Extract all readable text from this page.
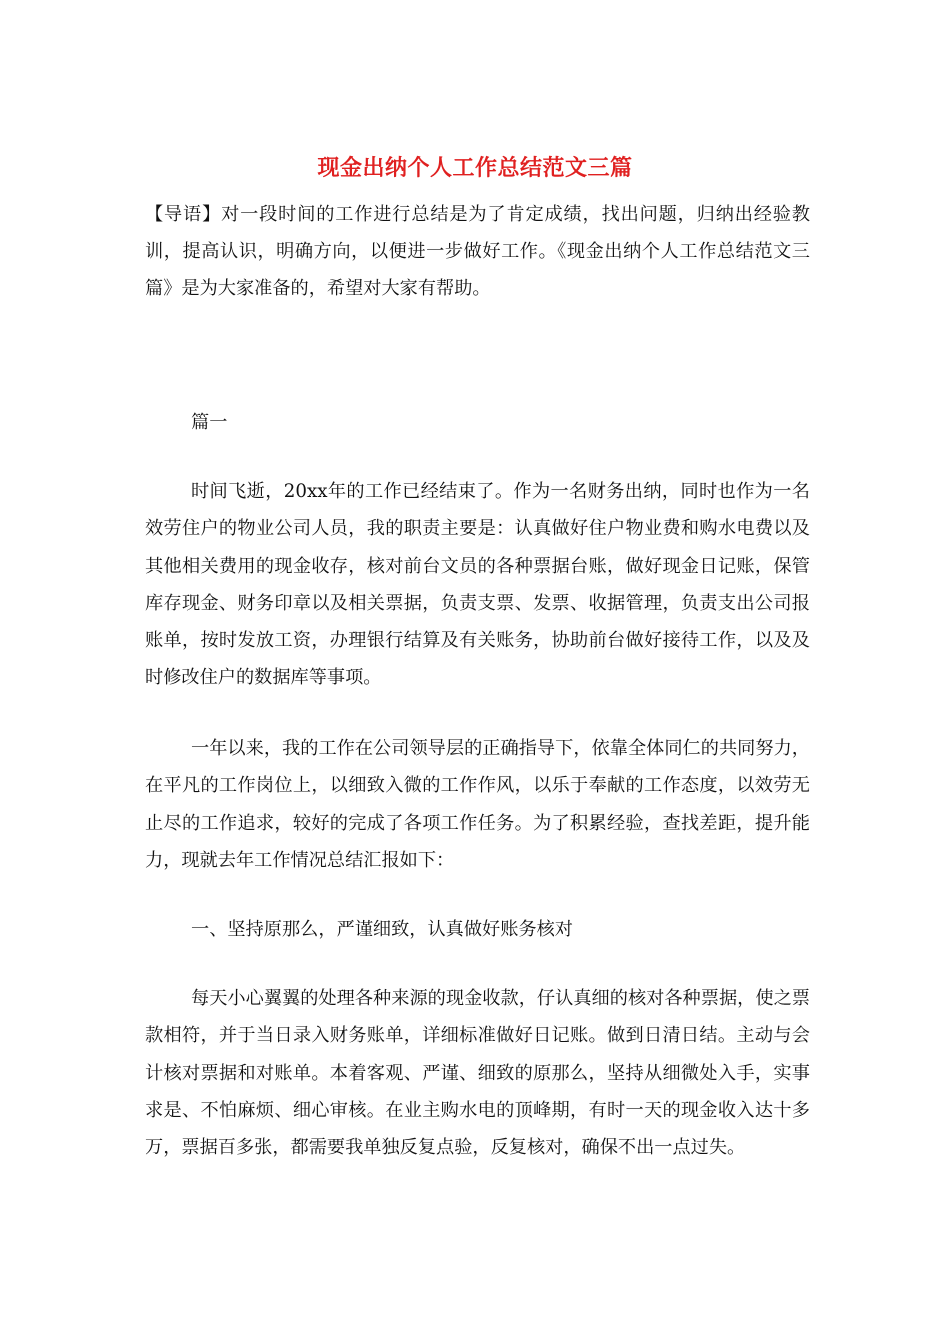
现金出纳个人工作总结范文三篇
【导语】对一段时间的工作进行总结是为了肯定成绩，找出问题，归纳出经验教训，提高认识，明确方向，以便进一步做好工作。《现金出纳个人工作总结范文三篇》是为大家准备的，希望对大家有帮助。
篇一
时间飞逝，20xx年的工作已经结束了。作为一名财务出纳，同时也作为一名效劳住户的物业公司人员，我的职责主要是：认真做好住户物业费和购水电费以及其他相关费用的现金收存，核对前台文员的各种票据台账，做好现金日记账，保管库存现金、财务印章以及相关票据，负责支票、发票、收据管理，负责支出公司报账单，按时发放工资，办理银行结算及有关账务，协助前台做好接待工作，以及及时修改住户的数据库等事项。
一年以来，我的工作在公司领导层的正确指导下，依靠全体同仁的共同努力，在平凡的工作岗位上，以细致入微的工作作风，以乐于奉献的工作态度，以效劳无止尽的工作追求，较好的完成了各项工作任务。为了积累经验，查找差距，提升能力，现就去年工作情况总结汇报如下：
一、坚持原那么，严谨细致，认真做好账务核对
每天小心翼翼的处理各种来源的现金收款，仔认真细的核对各种票据，使之票款相符，并于当日录入财务账单，详细标准做好日记账。做到日清日结。主动与会计核对票据和对账单。本着客观、严谨、细致的原那么，坚持从细微处入手，实事求是、不怕麻烦、细心审核。在业主购水电的顶峰期，有时一天的现金收入达十多万，票据百多张，都需要我单独反复点验，反复核对，确保不出一点过失。
